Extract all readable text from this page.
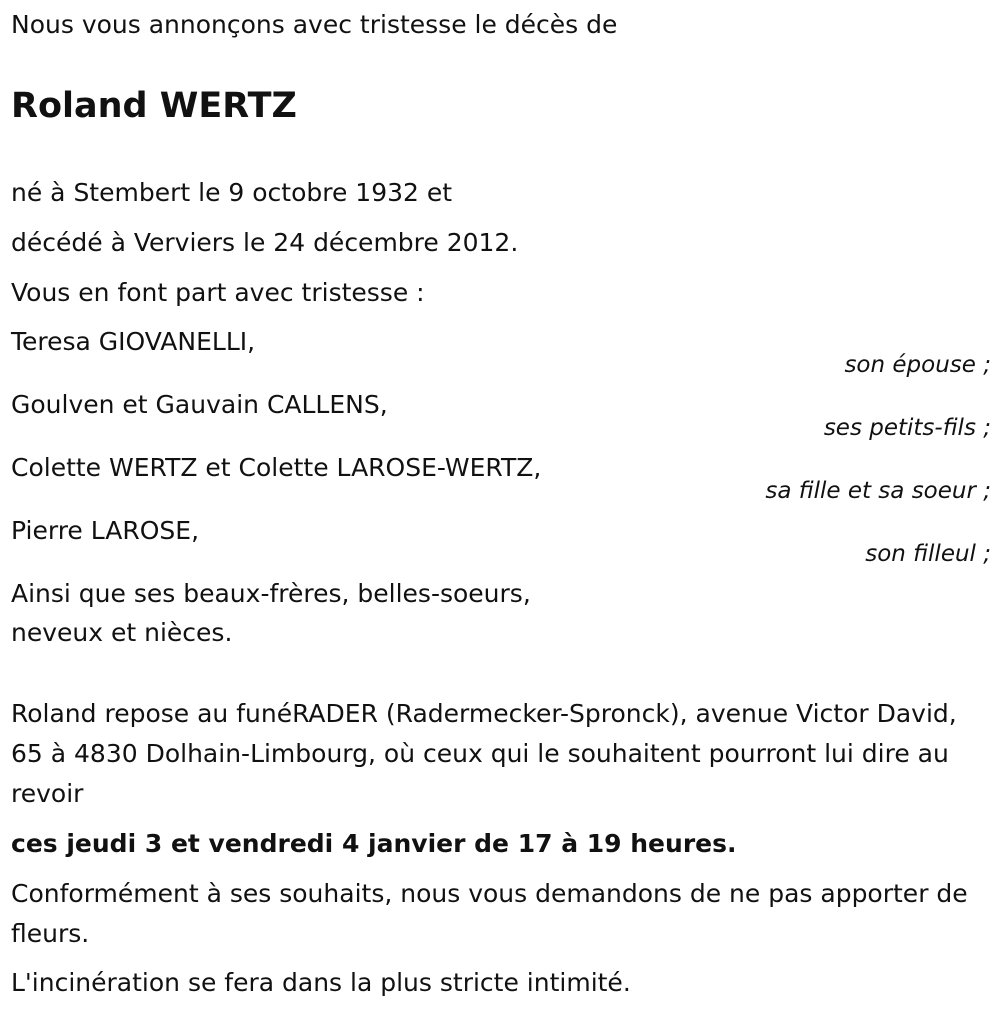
Nous vous annonçons avec tristesse le décès de
Roland WERTZ
né à Stembert le 9 octobre 1932 et
décédé à Verviers le 24 décembre 2012.
Vous en font part avec tristesse :
Teresa GIOVANELLI,
son épouse ;
Goulven et Gauvain CALLENS,
ses petits-fils ;
Colette WERTZ et Colette LAROSE-WERTZ,
sa fille et sa soeur ;
Pierre LAROSE,
son filleul ;
Ainsi que ses beaux-frères, belles-soeurs,
neveux et nièces.
Roland repose au funéRADER (Radermecker-Spronck), avenue Victor David, 65 à 4830 Dolhain-Limbourg, où ceux qui le souhaitent pourront lui dire au revoir
ces jeudi 3 et vendredi 4 janvier de 17 à 19 heures.
Conformément à ses souhaits, nous vous demandons de ne pas apporter de fleurs.
L'incinération se fera dans la plus stricte intimité.
